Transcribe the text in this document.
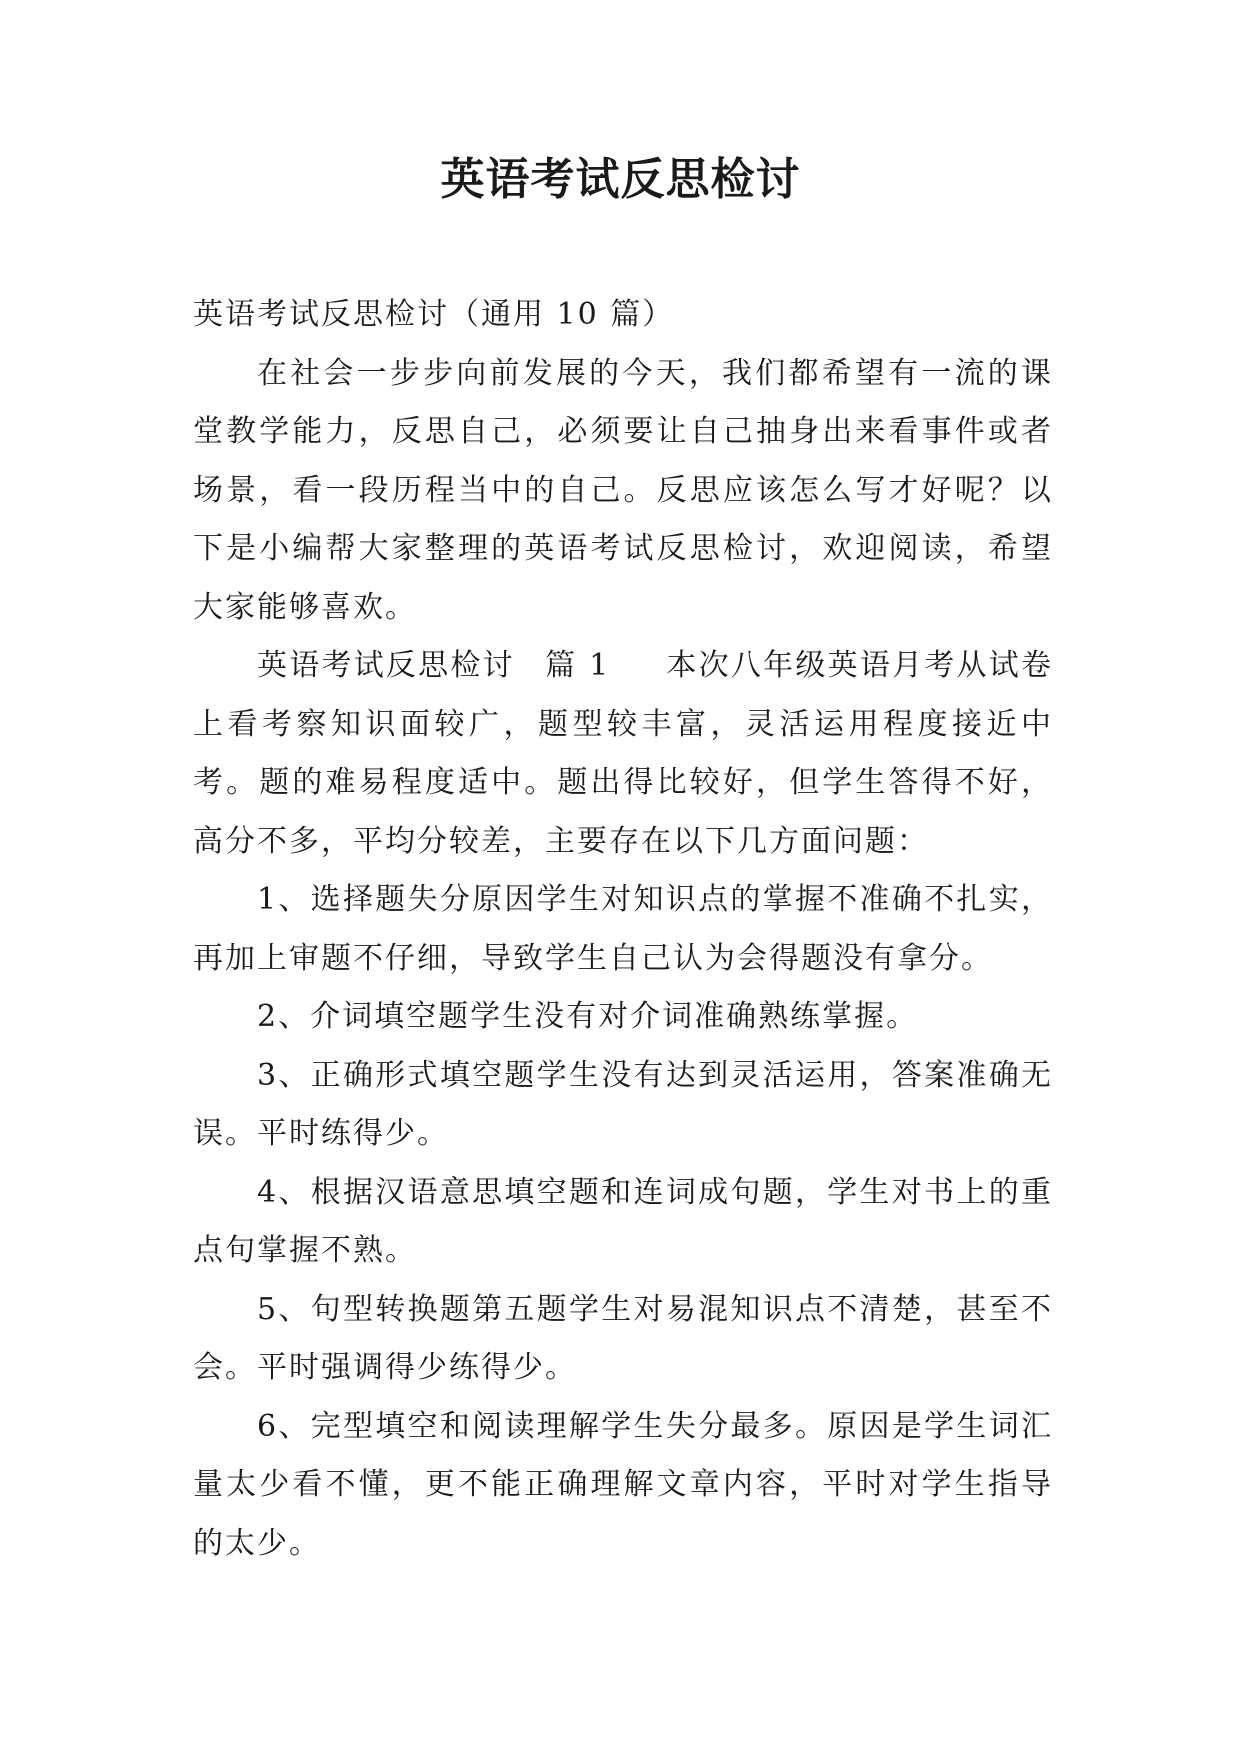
英语考试反思检讨

英语考试反思检讨（通用 10 篇）

在社会一步步向前发展的今天，我们都希望有一流的课堂教学能力，反思自己，必须要让自己抽身出来看事件或者场景，看一段历程当中的自己。反思应该怎么写才好呢？以下是小编帮大家整理的英语考试反思检讨，欢迎阅读，希望大家能够喜欢。

英语考试反思检讨 篇 1 本次八年级英语月考从试卷上看考察知识面较广，题型较丰富，灵活运用程度接近中考。题的难易程度适中。题出得比较好，但学生答得不好，高分不多，平均分较差，主要存在以下几方面问题：

1、选择题失分原因学生对知识点的掌握不准确不扎实，再加上审题不仔细，导致学生自己认为会得题没有拿分。

2、介词填空题学生没有对介词准确熟练掌握。

3、正确形式填空题学生没有达到灵活运用，答案准确无误。平时练得少。

4、根据汉语意思填空题和连词成句题，学生对书上的重点句掌握不熟。

5、句型转换题第五题学生对易混知识点不清楚，甚至不会。平时强调得少练得少。

6、完型填空和阅读理解学生失分最多。原因是学生词汇量太少看不懂，更不能正确理解文章内容，平时对学生指导的太少。
